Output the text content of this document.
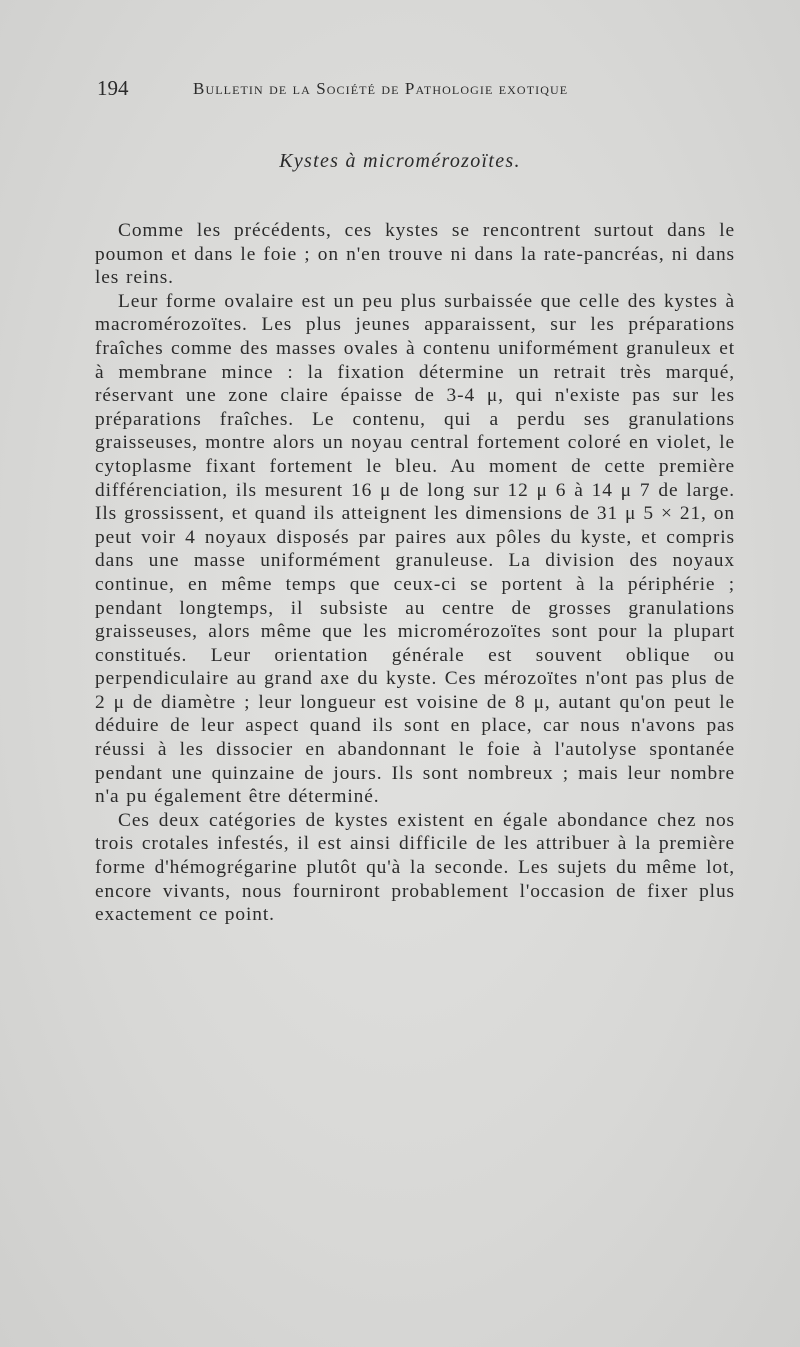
194	Bulletin de la Société de Pathologie exotique
Kystes à micromérozoïtes.

Comme les précédents, ces kystes se rencontrent surtout dans le poumon et dans le foie ; on n'en trouve ni dans la rate-pancréas, ni dans les reins.

Leur forme ovalaire est un peu plus surbaissée que celle des kystes à macromérozoïtes. Les plus jeunes apparaissent, sur les préparations fraîches comme des masses ovales à contenu uniformément granuleux et à membrane mince : la fixation détermine un retrait très marqué, réservant une zone claire épaisse de 3-4 μ, qui n'existe pas sur les préparations fraîches. Le contenu, qui a perdu ses granulations graisseuses, montre alors un noyau central fortement coloré en violet, le cytoplasme fixant fortement le bleu. Au moment de cette première différenciation, ils mesurent 16 μ de long sur 12 μ 6 à 14 μ 7 de large. Ils grossissent, et quand ils atteignent les dimensions de 31 μ 5 × 21, on peut voir 4 noyaux disposés par paires aux pôles du kyste, et compris dans une masse uniformément granuleuse. La division des noyaux continue, en même temps que ceux-ci se portent à la périphérie ; pendant longtemps, il subsiste au centre de grosses granulations graisseuses, alors même que les micromérozoïtes sont pour la plupart constitués. Leur orientation générale est souvent oblique ou perpendiculaire au grand axe du kyste. Ces mérozoïtes n'ont pas plus de 2 μ de diamètre ; leur longueur est voisine de 8 μ, autant qu'on peut le déduire de leur aspect quand ils sont en place, car nous n'avons pas réussi à les dissocier en abandonnant le foie à l'autolyse spontanée pendant une quinzaine de jours. Ils sont nombreux ; mais leur nombre n'a pu également être déterminé.

Ces deux catégories de kystes existent en égale abondance chez nos trois crotales infestés, il est ainsi difficile de les attribuer à la première forme d'hémogrégarine plutôt qu'à la seconde. Les sujets du même lot, encore vivants, nous fourniront probablement l'occasion de fixer plus exactement ce point.
